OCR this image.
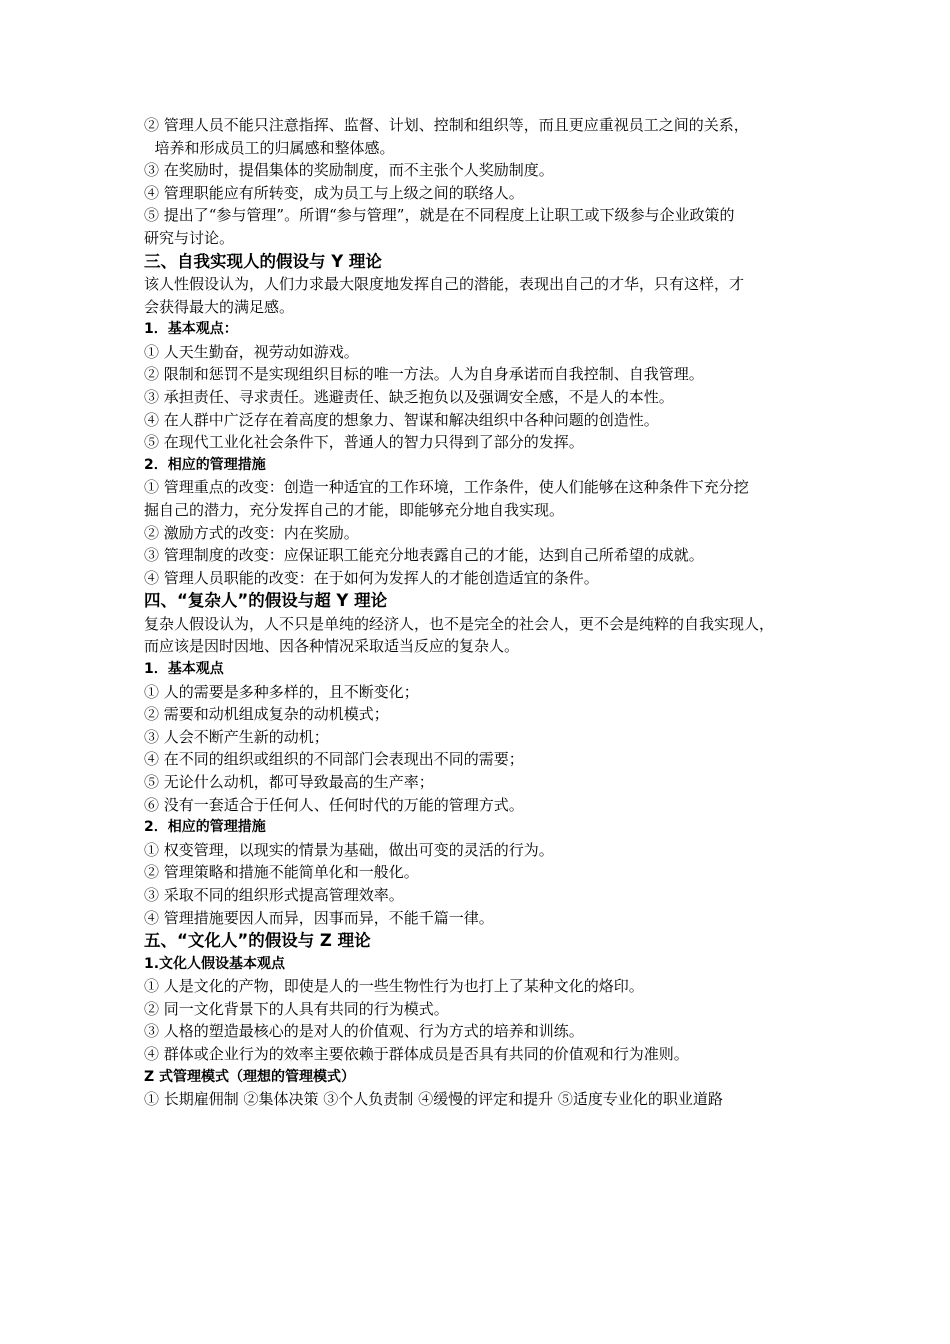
② 管理人员不能只注意指挥、监督、计划、控制和组织等，而且更应重视员工之间的关系，

培养和形成员工的归属感和整体感。

③ 在奖励时，提倡集体的奖励制度，而不主张个人奖励制度。

④ 管理职能应有所转变，成为员工与上级之间的联络人。

⑤ 提出了“参与管理”。所谓“参与管理”，就是在不同程度上让职工或下级参与企业政策的

研究与讨论。

三、自我实现人的假设与 Y 理论

该人性假设认为，人们力求最大限度地发挥自己的潜能，表现出自己的才华，只有这样，才

会获得最大的满足感。

1．基本观点：

① 人天生勤奋，视劳动如游戏。

② 限制和惩罚不是实现组织目标的唯一方法。人为自身承诺而自我控制、自我管理。

③ 承担责任、寻求责任。逃避责任、缺乏抱负以及强调安全感，不是人的本性。

④ 在人群中广泛存在着高度的想象力、智谋和解决组织中各种问题的创造性。

⑤ 在现代工业化社会条件下，普通人的智力只得到了部分的发挥。

2．相应的管理措施

① 管理重点的改变：创造一种适宜的工作环境，工作条件，使人们能够在这种条件下充分挖

掘自己的潜力，充分发挥自己的才能，即能够充分地自我实现。

② 激励方式的改变：内在奖励。

③ 管理制度的改变：应保证职工能充分地表露自己的才能，达到自己所希望的成就。

④ 管理人员职能的改变：在于如何为发挥人的才能创造适宜的条件。

四、“复杂人”的假设与超 Y 理论

复杂人假设认为，人不只是单纯的经济人，也不是完全的社会人，更不会是纯粹的自我实现人，

而应该是因时因地、因各种情况采取适当反应的复杂人。

1．基本观点

① 人的需要是多种多样的，且不断变化；

② 需要和动机组成复杂的动机模式；

③ 人会不断产生新的动机；

④ 在不同的组织或组织的不同部门会表现出不同的需要；

⑤ 无论什么动机，都可导致最高的生产率；

⑥ 没有一套适合于任何人、任何时代的万能的管理方式。

2．相应的管理措施

① 权变管理，以现实的情景为基础，做出可变的灵活的行为。

② 管理策略和措施不能简单化和一般化。

③ 采取不同的组织形式提高管理效率。

④ 管理措施要因人而异，因事而异，不能千篇一律。

五、“文化人”的假设与 Z 理论

1.文化人假设基本观点

① 人是文化的产物，即使是人的一些生物性行为也打上了某种文化的烙印。

② 同一文化背景下的人具有共同的行为模式。

③ 人格的塑造最核心的是对人的价值观、行为方式的培养和训练。

④ 群体或企业行为的效率主要依赖于群体成员是否具有共同的价值观和行为准则。

Z 式管理模式（理想的管理模式）

① 长期雇佣制 ②集体决策 ③个人负责制 ④缓慢的评定和提升 ⑤适度专业化的职业道路
